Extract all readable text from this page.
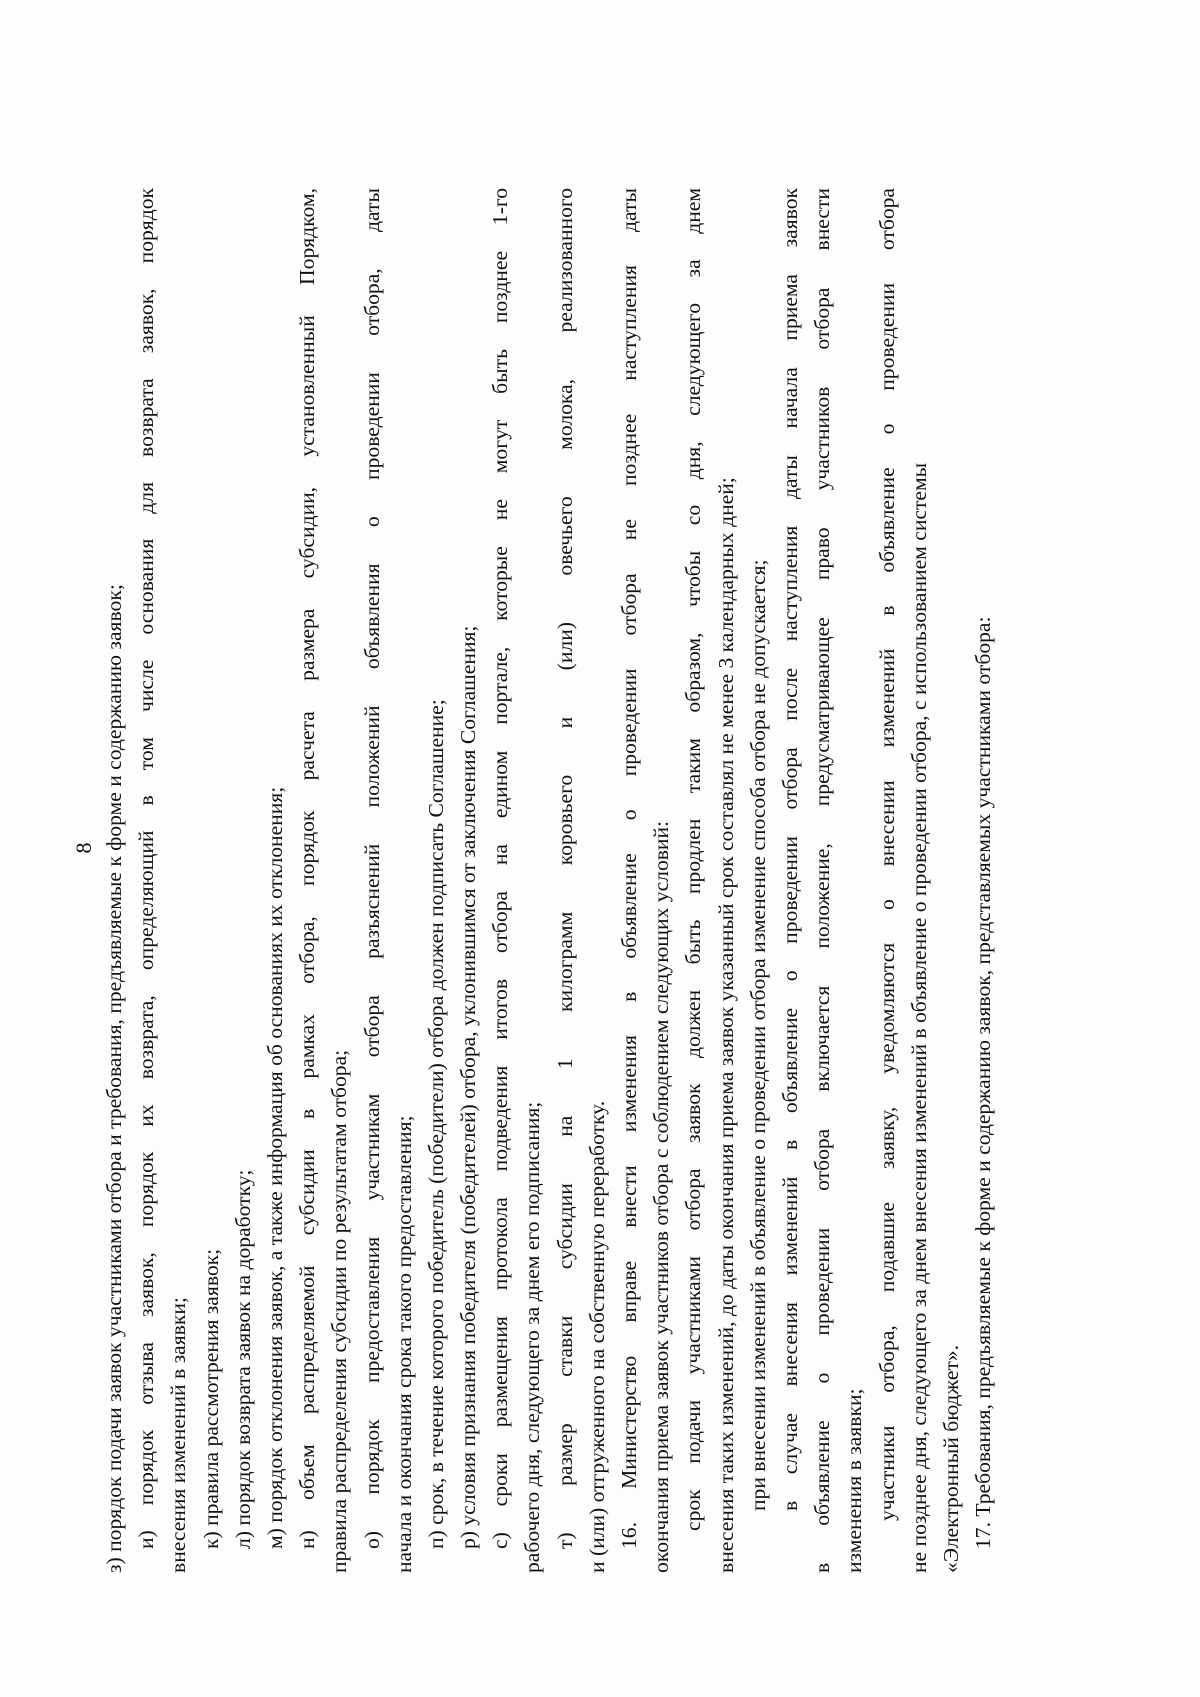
8 з) порядок подачи заявок участниками отбора и требования, предъявляемые к форме и содержанию заявок; и) порядок отзыва заявок, порядок их возврата, определяющий в том числе основания для возврата заявок, порядок внесения изменений в заявки; к) правила рассмотрения заявок; л) порядок возврата заявок на доработку; м) порядок отклонения заявок, а также информация об основаниях их отклонения; н) объем распределяемой субсидии в рамках отбора, порядок расчета размера субсидии, установленный Порядком, правила распределения субсидии по результатам отбора; о) порядок предоставления участникам отбора разъяснений положений объявления о проведении отбора, даты начала и окончания срока такого предоставления; п) срок, в течение которого победитель (победители) отбора должен подписать Соглашение; р) условия признания победителя (победителей) отбора, уклонившимся от заключения Соглашения; с) сроки размещения протокола подведения итогов отбора на едином портале, которые не могут быть позднее 1-го рабочего дня, следующего за днем его подписания; т) размер ставки субсидии на 1 килограмм коровьего и (или) овечьего молока, реализованного и (или) отгруженного на собственную переработку. 16. Министерство вправе внести изменения в объявление о проведении отбора не позднее наступления даты окончания приема заявок участников отбора с соблюдением следующих условий: срок подачи участниками отбора заявок должен быть продлен таким образом, чтобы со дня, следующего за днем внесения таких изменений, до даты окончания приема заявок указанный срок составлял не менее 3 календарных дней; при внесении изменений в объявление о проведении отбора изменение способа отбора не допускается; в случае внесения изменений в объявление о проведении отбора после наступления даты начала приема заявок в объявление о проведении отбора включается положение, предусматривающее право участников отбора внести изменения в заявки; участники отбора, подавшие заявку, уведомляются о внесении изменений в объявление о проведении отбора не позднее дня, следующего за днем внесения изменений в объявление о проведении отбора, с использованием системы «Электронный бюджет». 17. Требования, предъявляемые к форме и содержанию заявок, представляемых участниками отбора:
